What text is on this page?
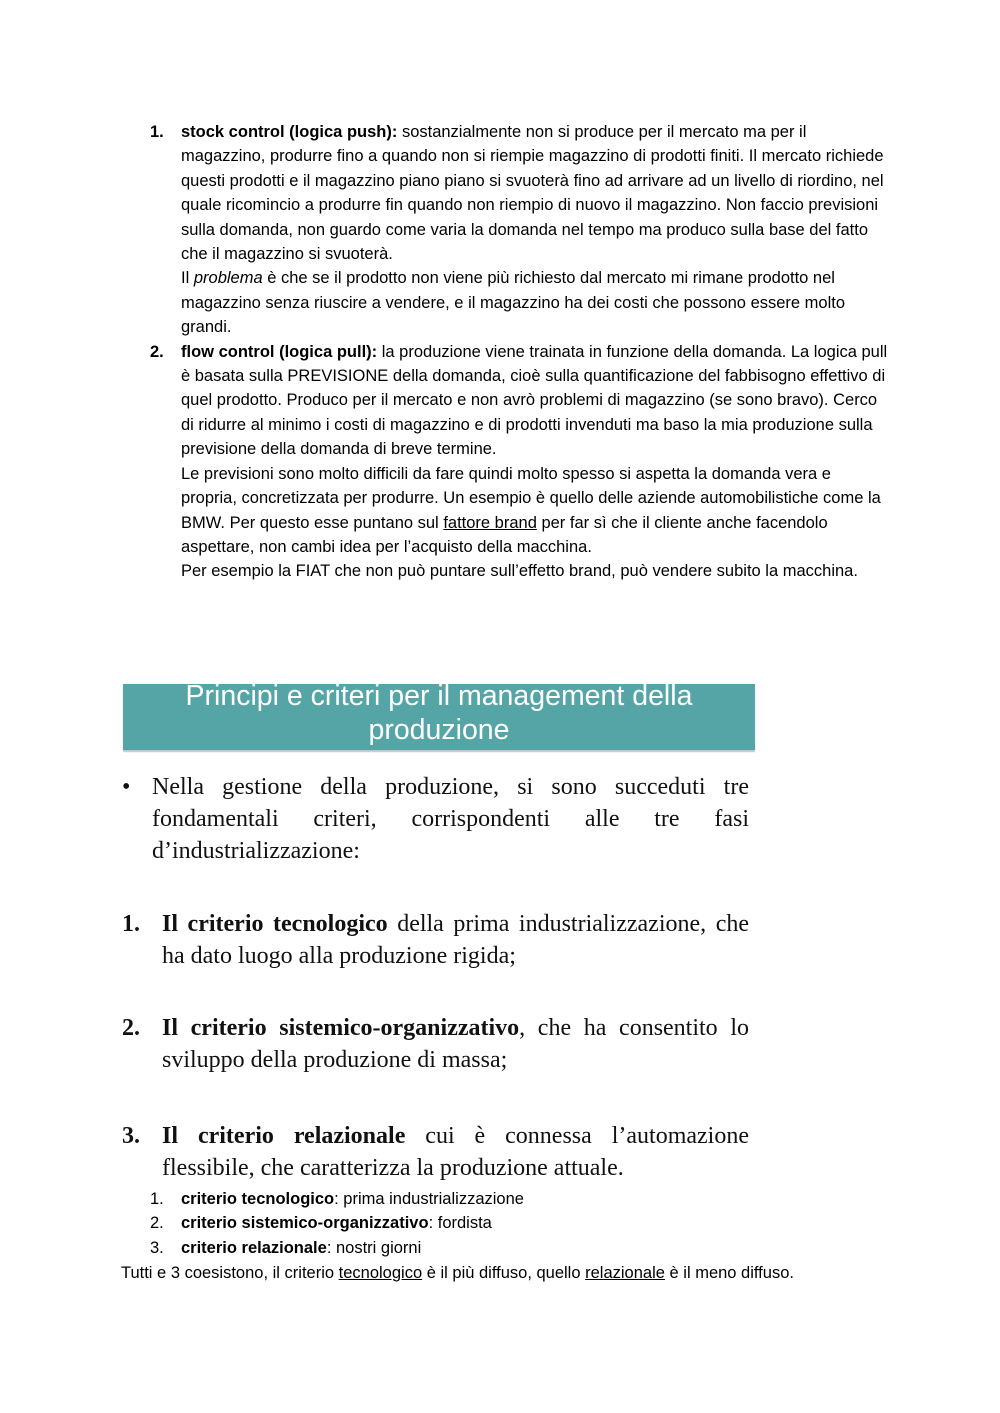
1. stock control (logica push): sostanzialmente non si produce per il mercato ma per il magazzino, produrre fino a quando non si riempie magazzino di prodotti finiti. Il mercato richiede questi prodotti e il magazzino piano piano si svuoterà fino ad arrivare ad un livello di riordino, nel quale ricomincio a produrre fin quando non riempio di nuovo il magazzino. Non faccio previsioni sulla domanda, non guardo come varia la domanda nel tempo ma produco sulla base del fatto che il magazzino si svuoterà.

Il problema è che se il prodotto non viene più richiesto dal mercato mi rimane prodotto nel magazzino senza riuscire a vendere, e il magazzino ha dei costi che possono essere molto grandi.

2. flow control (logica pull): la produzione viene trainata in funzione della domanda. La logica pull è basata sulla PREVISIONE della domanda, cioè sulla quantificazione del fabbisogno effettivo di quel prodotto. Produco per il mercato e non avrò problemi di magazzino (se sono bravo). Cerco di ridurre al minimo i costi di magazzino e di prodotti invenduti ma baso la mia produzione sulla previsione della domanda di breve termine.

Le previsioni sono molto difficili da fare quindi molto spesso si aspetta la domanda vera e propria, concretizzata per produrre. Un esempio è quello delle aziende automobilistiche come la BMW. Per questo esse puntano sul fattore brand per far sì che il cliente anche facendolo aspettare, non cambi idea per l’acquisto della macchina.

Per esempio la FIAT che non può puntare sull’effetto brand, può vendere subito la macchina.

Principi e criteri per il management della
produzione
• Nella gestione della produzione, si sono succeduti tre fondamentali criteri, corrispondenti alle tre fasi d’industrializzazione:
1. Il criterio tecnologico della prima industrializzazione, che ha dato luogo alla produzione rigida;
2. Il criterio sistemico-organizzativo, che ha consentito lo sviluppo della produzione di massa;
3. Il criterio relazionale cui è connessa l’automazione flessibile, che caratterizza la produzione attuale.
1. criterio tecnologico: prima industrializzazione
2. criterio sistemico-organizzativo: fordista
3. criterio relazionale: nostri giorni
Tutti e 3 coesistono, il criterio tecnologico è il più diffuso, quello relazionale è il meno diffuso.
